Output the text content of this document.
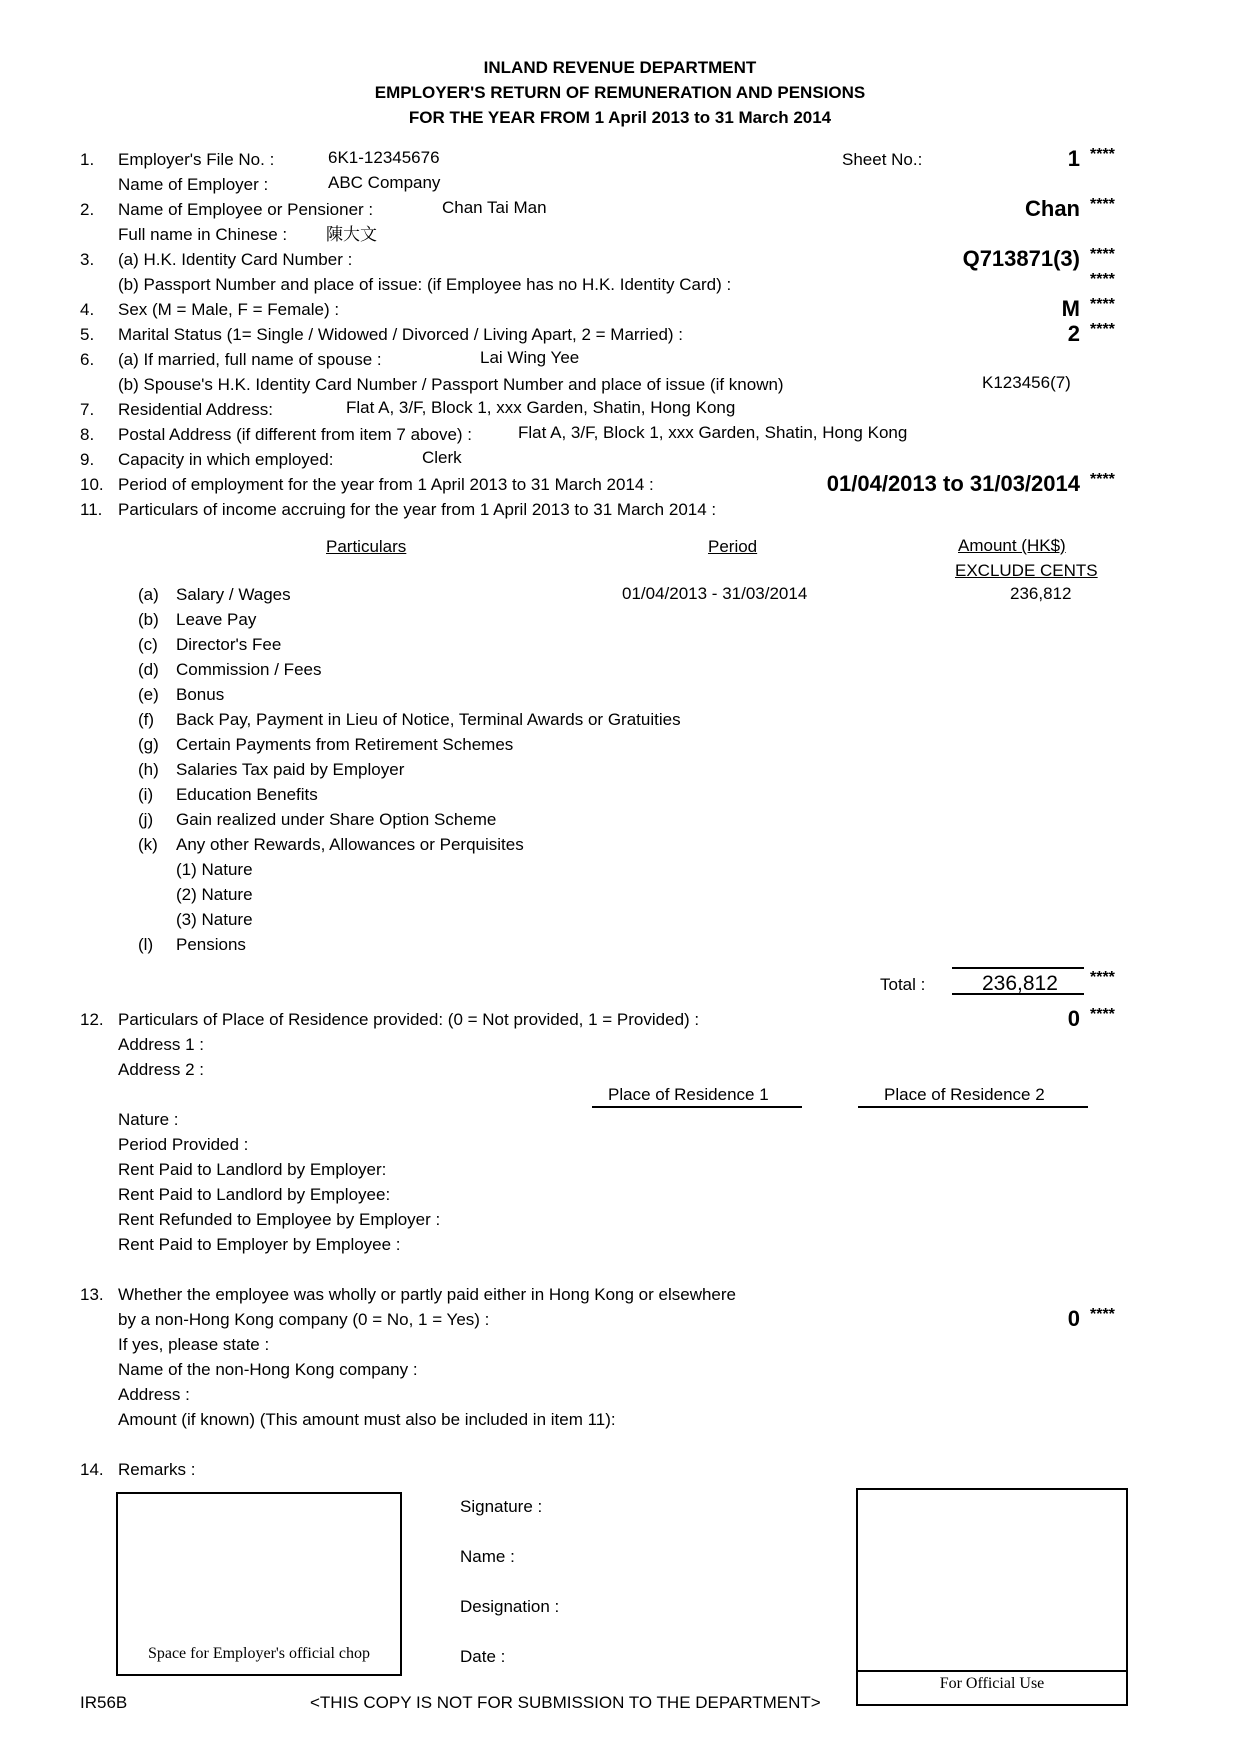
INLAND REVENUE DEPARTMENT
EMPLOYER'S RETURN OF REMUNERATION AND PENSIONS
FOR THE YEAR FROM 1 April 2013 to 31 March 2014
1. Employer's File No. :	6K1-12345676	Sheet No.:	1 ****
Name of Employer :	ABC Company
2. Name of Employee or Pensioner :	Chan Tai Man	Chan ****
Full name in Chinese : 陳大文
3. (a) H.K. Identity Card Number :	Q713871(3) ****
(b) Passport Number and place of issue: (if Employee has no H.K. Identity Card) :	****
4. Sex (M = Male, F = Female) :	M ****
5. Marital Status (1= Single / Widowed / Divorced / Living Apart, 2 = Married) :	2 ****
6. (a) If married, full name of spouse :	Lai Wing Yee
(b) Spouse's H.K. Identity Card Number / Passport Number and place of issue (if known)	K123456(7)
7. Residential Address:	Flat A, 3/F, Block 1, xxx Garden, Shatin, Hong Kong
8. Postal Address (if different from item 7 above) :	Flat A, 3/F, Block 1, xxx Garden, Shatin, Hong Kong
9. Capacity in which employed:	Clerk
10. Period of employment for the year from 1 April 2013 to 31 March 2014 :	01/04/2013 to 31/03/2014 ****
11. Particulars of income accruing for the year from 1 April 2013 to 31 March 2014 :
Particulars	Period	Amount (HK$)
EXCLUDE CENTS
(a) Salary / Wages	01/04/2013 - 31/03/2014	236,812
(b) Leave Pay
(c) Director's Fee
(d) Commission / Fees
(e) Bonus
(f) Back Pay, Payment in Lieu of Notice, Terminal Awards or Gratuities
(g) Certain Payments from Retirement Schemes
(h) Salaries Tax paid by Employer
(i) Education Benefits
(j) Gain realized under Share Option Scheme
(k) Any other Rewards, Allowances or Perquisites
(1) Nature
(2) Nature
(3) Nature
(l) Pensions
Total :	236,812 ****
12. Particulars of Place of Residence provided: (0 = Not provided, 1 = Provided) :	0 ****
Address 1 :
Address 2 :
Place of Residence 1	Place of Residence 2
Nature :
Period Provided :
Rent Paid to Landlord by Employer:
Rent Paid to Landlord by Employee:
Rent Refunded to Employee by Employer :
Rent Paid to Employer by Employee :
13. Whether the employee was wholly or partly paid either in Hong Kong or elsewhere
by a non-Hong Kong company (0 = No, 1 = Yes) :	0 ****
If yes, please state :
Name of the non-Hong Kong company :
Address :
Amount (if known) (This amount must also be included in item 11):
14. Remarks :
Space for Employer's official chop
Signature :
Name :
Designation :
Date :
For Official Use
IR56B	<THIS COPY IS NOT FOR SUBMISSION TO THE DEPARTMENT>
